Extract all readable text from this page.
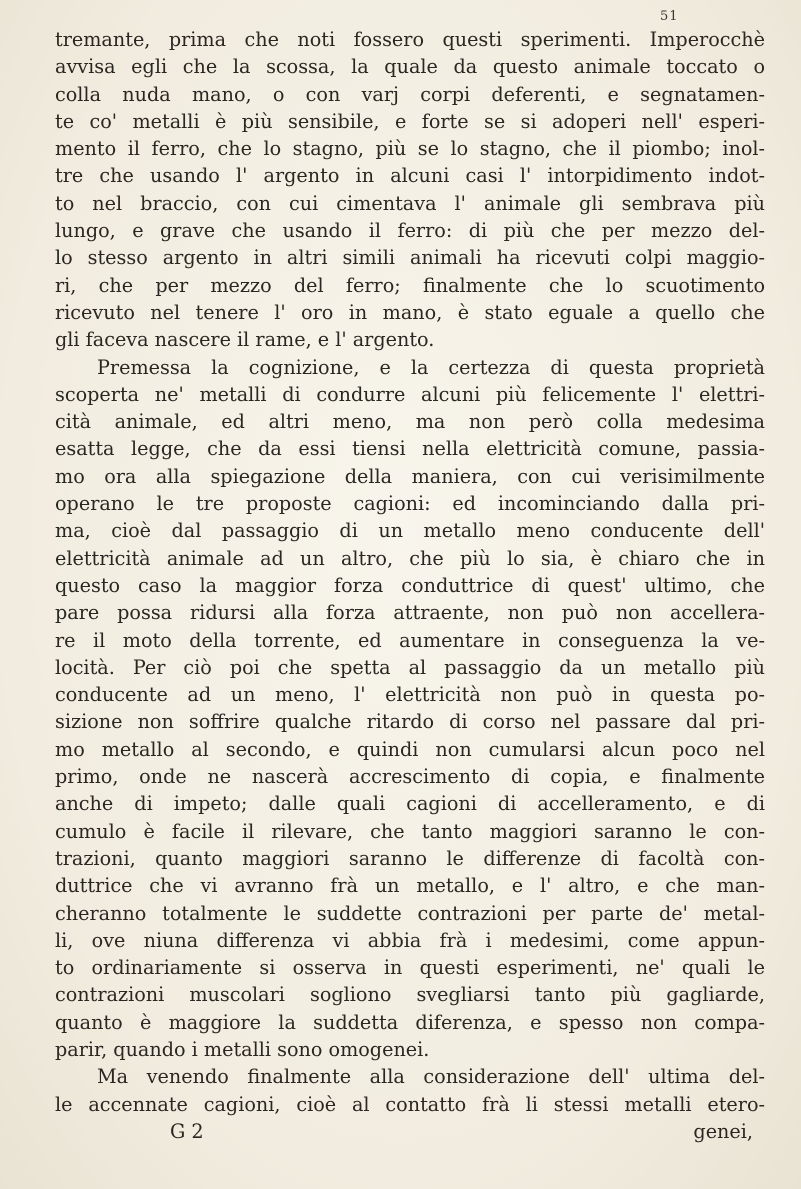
51
tremante, prima che noti fossero questi sperimenti. Imperocchè
avvisa egli che la scossa, la quale da questo animale toccato o
colla nuda mano, o con varj corpi deferenti, e segnatamen-
te co' metalli è più sensibile, e forte se si adoperi nell' esperi-
mento il ferro, che lo stagno, più se lo stagno, che il piombo; inol-
tre che usando l' argento in alcuni casi l' intorpidimento indot-
to nel braccio, con cui cimentava l' animale gli sembrava più
lungo, e grave che usando il ferro: di più che per mezzo del-
lo stesso argento in altri simili animali ha ricevuti colpi maggio-
ri, che per mezzo del ferro; finalmente che lo scuotimento
ricevuto nel tenere l' oro in mano, è stato eguale a quello che
gli faceva nascere il rame, e l' argento.
Premessa la cognizione, e la certezza di questa proprietà
scoperta ne' metalli di condurre alcuni più felicemente l' elettri-
cità animale, ed altri meno, ma non però colla medesima
esatta legge, che da essi tiensi nella elettricità comune, passia-
mo ora alla spiegazione della maniera, con cui verisimilmente
operano le tre proposte cagioni: ed incominciando dalla pri-
ma, cioè dal passaggio di un metallo meno conducente dell'
elettricità animale ad un altro, che più lo sia, è chiaro che in
questo caso la maggior forza conduttrice di quest' ultimo, che
pare possa ridursi alla forza attraente, non può non accellera-
re il moto della torrente, ed aumentare in conseguenza la ve-
locità. Per ciò poi che spetta al passaggio da un metallo più
conducente ad un meno, l' elettricità non può in questa po-
sizione non soffrire qualche ritardo di corso nel passare dal pri-
mo metallo al secondo, e quindi non cumularsi alcun poco nel
primo, onde ne nascerà accrescimento di copia, e finalmente
anche di impeto; dalle quali cagioni di accelleramento, e di
cumulo è facile il rilevare, che tanto maggiori saranno le con-
trazioni, quanto maggiori saranno le differenze di facoltà con-
duttrice che vi avranno frà un metallo, e l' altro, e che man-
cheranno totalmente le suddette contrazioni per parte de' metal-
li, ove niuna differenza vi abbia frà i medesimi, come appun-
to ordinariamente si osserva in questi esperimenti, ne' quali le
contrazioni muscolari sogliono svegliarsi tanto più gagliarde,
quanto è maggiore la suddetta diferenza, e spesso non compa-
parir, quando i metalli sono omogenei.
Ma venendo finalmente alla considerazione dell' ultima del-
le accennate cagioni, cioè al contatto frà li stessi metalli etero-
G 2	genei,
